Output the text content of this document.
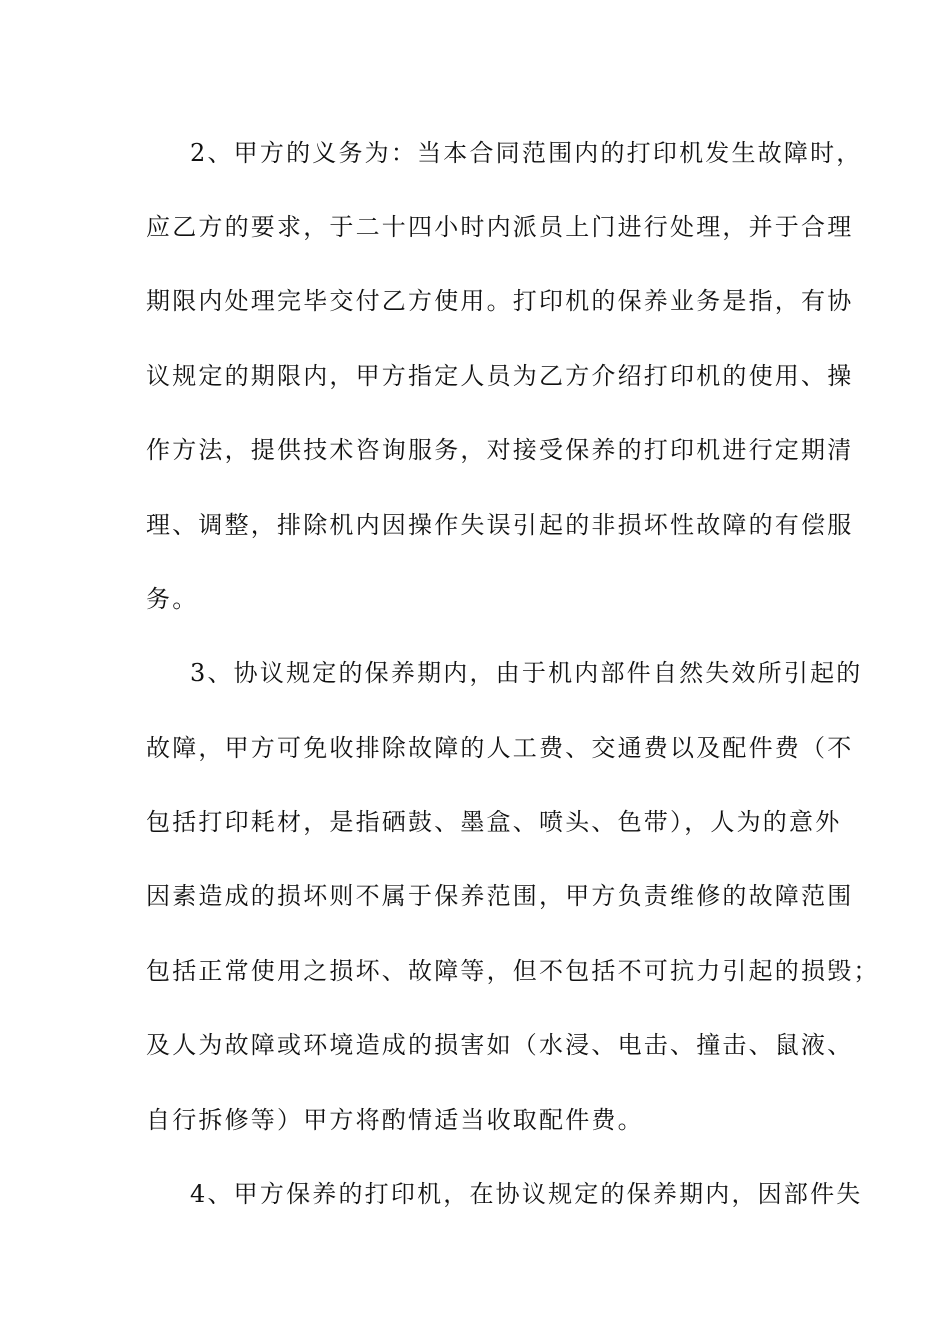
2、甲方的义务为：当本合同范围内的打印机发生故障时，
应乙方的要求，于二十四小时内派员上门进行处理，并于合理
期限内处理完毕交付乙方使用。打印机的保养业务是指，有协
议规定的期限内，甲方指定人员为乙方介绍打印机的使用、操
作方法，提供技术咨询服务，对接受保养的打印机进行定期清
理、调整，排除机内因操作失误引起的非损坏性故障的有偿服
务。
3、协议规定的保养期内，由于机内部件自然失效所引起的
故障，甲方可免收排除故障的人工费、交通费以及配件费（不
包括打印耗材，是指硒鼓、墨盒、喷头、色带），人为的意外
因素造成的损坏则不属于保养范围，甲方负责维修的故障范围
包括正常使用之损坏、故障等，但不包括不可抗力引起的损毁；
及人为故障或环境造成的损害如（水浸、电击、撞击、鼠液、
自行拆修等）甲方将酌情适当收取配件费。
4、甲方保养的打印机，在协议规定的保养期内，因部件失
